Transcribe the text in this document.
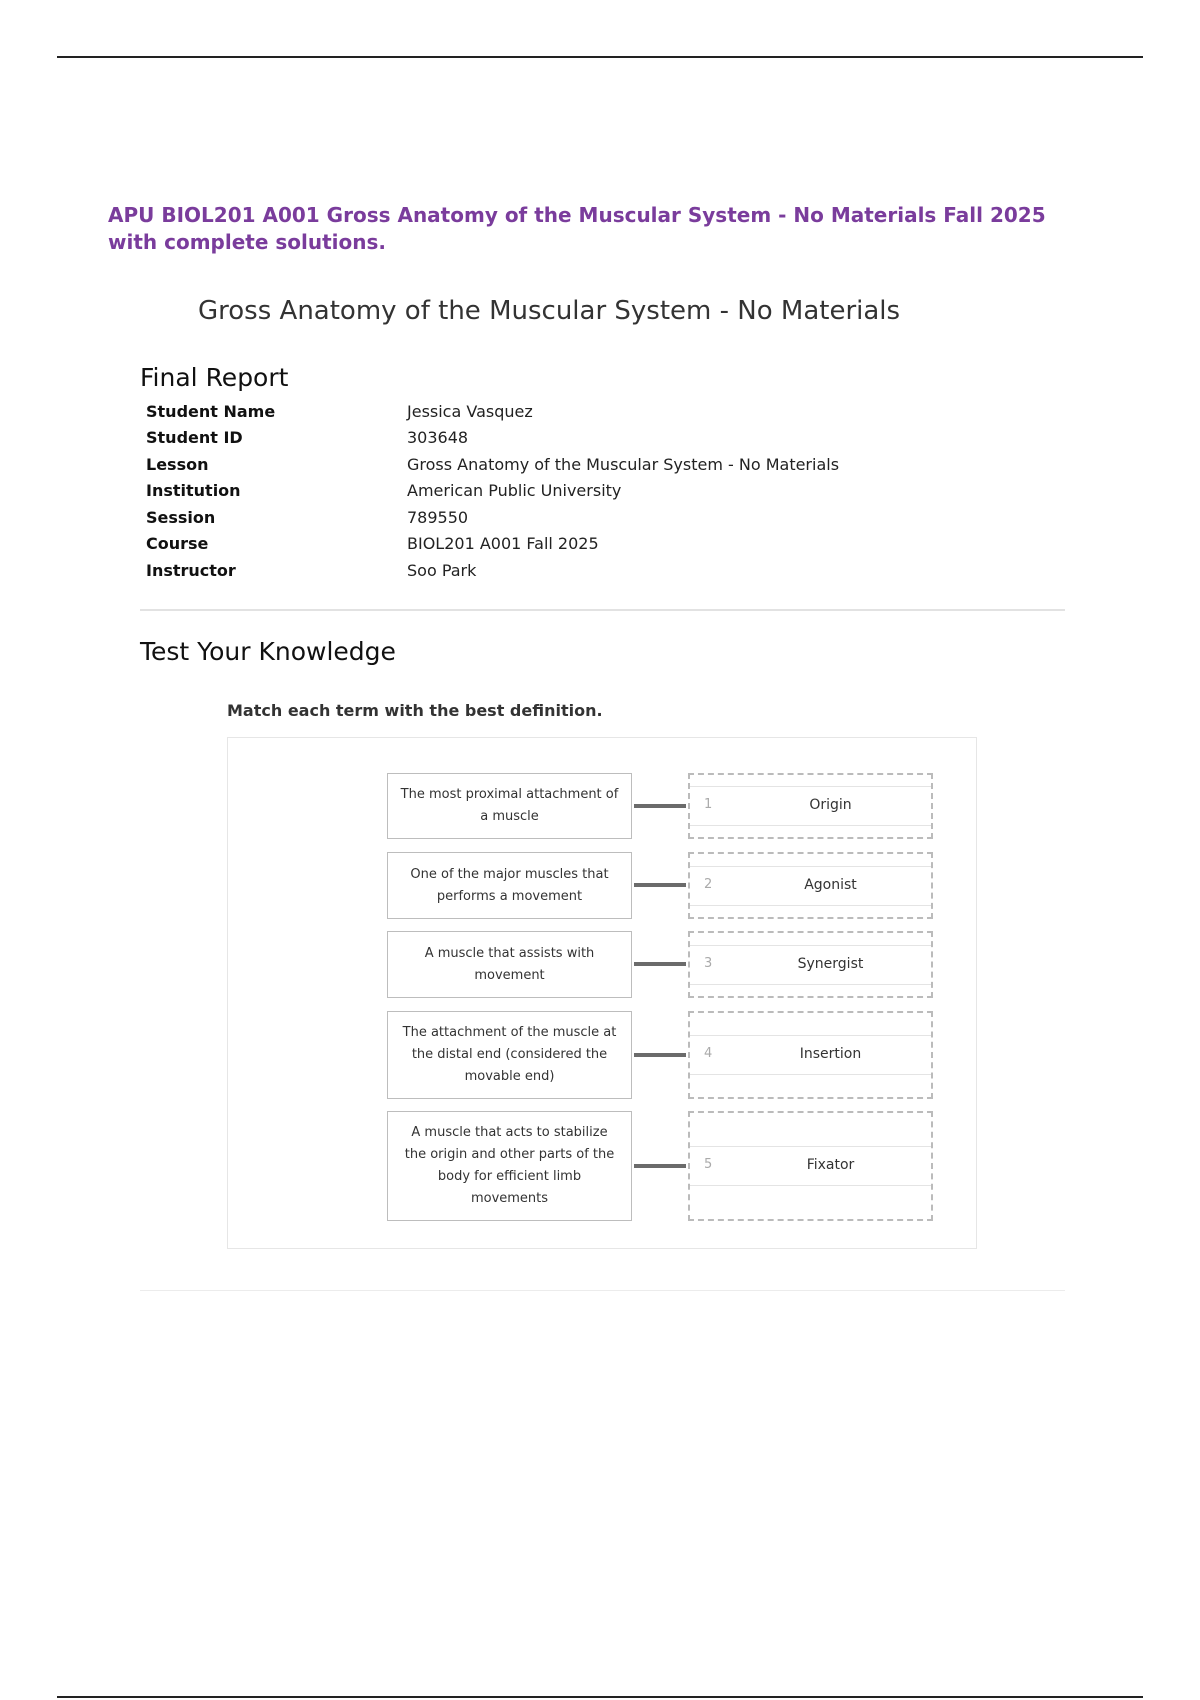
APU BIOL201 A001 Gross Anatomy of the Muscular System - No Materials Fall 2025 with complete solutions.
Gross Anatomy of the Muscular System - No Materials
Final Report
Student Name	Jessica Vasquez
Student ID	303648
Lesson	Gross Anatomy of the Muscular System - No Materials
Institution	American Public University
Session	789550
Course	BIOL201 A001 Fall 2025
Instructor	Soo Park
Test Your Knowledge
Match each term with the best definition.
The most proximal attachment of a muscle
1	Origin
One of the major muscles that performs a movement
2	Agonist
A muscle that assists with movement
3	Synergist
The attachment of the muscle at the distal end (considered the movable end)
4	Insertion
A muscle that acts to stabilize the origin and other parts of the body for efficient limb movements
5	Fixator
